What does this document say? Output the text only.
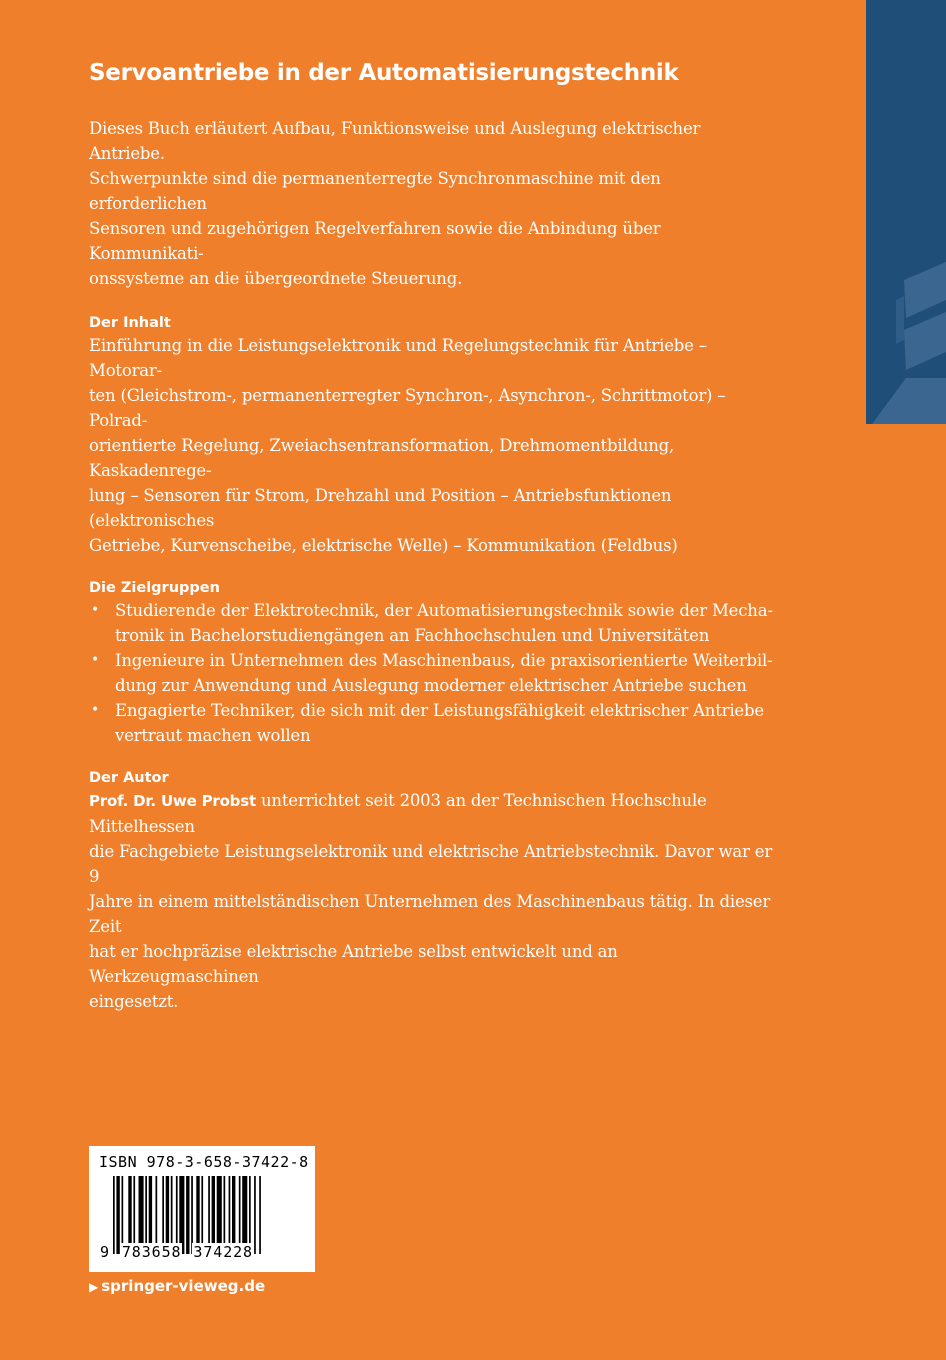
Servoantriebe in der Automatisierungstechnik

Dieses Buch erläutert Aufbau, Funktionsweise und Auslegung elektrischer Antriebe.
Schwerpunkte sind die permanenterregte Synchronmaschine mit den erforderlichen
Sensoren und zugehörigen Regelverfahren sowie die Anbindung über Kommunikati-
onssysteme an die übergeordnete Steuerung.

Der Inhalt

Einführung in die Leistungselektronik und Regelungstechnik für Antriebe – Motorar-
ten (Gleichstrom-, permanenterregter Synchron-, Asynchron-, Schrittmotor) – Polrad-
orientierte Regelung, Zweiachsentransformation, Drehmomentbildung, Kaskadenrege-
lung – Sensoren für Strom, Drehzahl und Position – Antriebsfunktionen (elektronisches
Getriebe, Kurvenscheibe, elektrische Welle) – Kommunikation (Feldbus)

Die Zielgruppen
• Studierende der Elektrotechnik, der Automatisierungstechnik sowie der Mecha-
tronik in Bachelorstudiengängen an Fachhochschulen und Universitäten
• Ingenieure in Unternehmen des Maschinenbaus, die praxisorientierte Weiterbil-
dung zur Anwendung und Auslegung moderner elektrischer Antriebe suchen
• Engagierte Techniker, die sich mit der Leistungsfähigkeit elektrischer Antriebe
vertraut machen wollen
Der Autor

Prof. Dr. Uwe Probst unterrichtet seit 2003 an der Technischen Hochschule Mittelhessen
die Fachgebiete Leistungselektronik und elektrische Antriebstechnik. Davor war er 9
Jahre in einem mittelständischen Unternehmen des Maschinenbaus tätig. In dieser Zeit
hat er hochpräzise elektrische Antriebe selbst entwickelt und an Werkzeugmaschinen
eingesetzt.

ISBN 978-3-658-37422-8
9 783658 374228
▶ springer-vieweg.de
